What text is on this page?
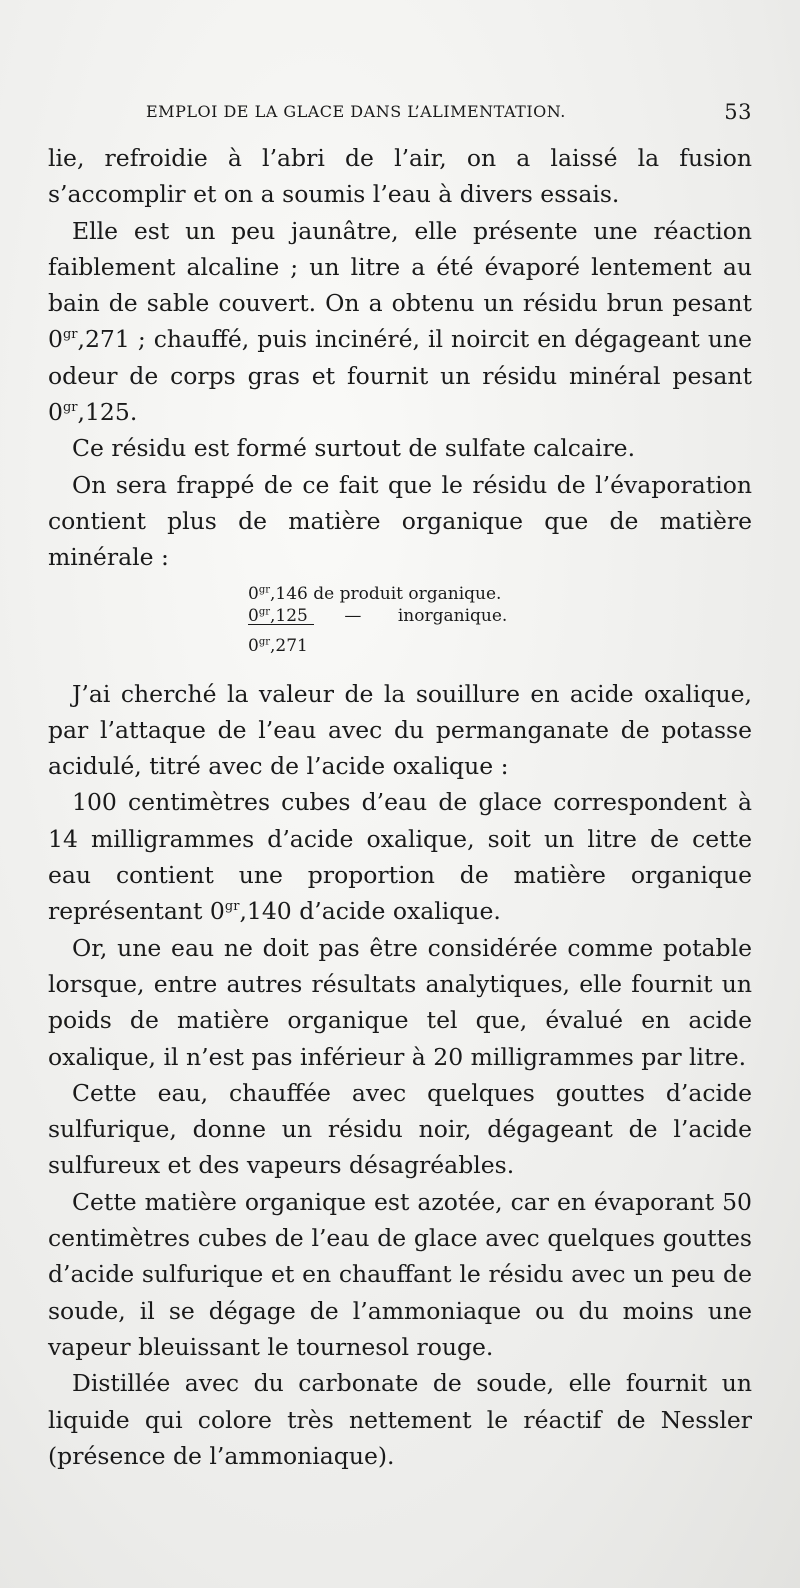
EMPLOI DE LA GLACE DANS L’ALIMENTATION.	53

lie, refroidie à l’abri de l’air, on a laissé la fusion s’accomplir et on a soumis l’eau à divers essais.

Elle est un peu jaunâtre, elle présente une réaction faiblement alcaline ; un litre a été évaporé lentement au bain de sable couvert. On a obtenu un résidu brun pesant $0^{gr},271$ ; chauffé, puis incinéré, il noircit en dégageant une odeur de corps gras et fournit un résidu minéral pesant $0^{gr},125$.

Ce résidu est formé surtout de sulfate calcaire.

On sera frappé de ce fait que le résidu de l’évaporation contient plus de matière organique que de matière minérale :

$0^{gr},146$ de produit organique.
$0^{gr},125$ — inorganique.
$0^{gr},271$

J’ai cherché la valeur de la souillure en acide oxalique, par l’attaque de l’eau avec du permanganate de potasse acidulé, titré avec de l’acide oxalique :

100 centimètres cubes d’eau de glace correspondent à 14 milligrammes d’acide oxalique, soit un litre de cette eau contient une proportion de matière organique représentant $0^{gr},140$ d’acide oxalique.

Or, une eau ne doit pas être considérée comme potable lorsque, entre autres résultats analytiques, elle fournit un poids de matière organique tel que, évalué en acide oxalique, il n’est pas inférieur à 20 milligrammes par litre.

Cette eau, chauffée avec quelques gouttes d’acide sulfurique, donne un résidu noir, dégageant de l’acide sulfureux et des vapeurs désagréables.

Cette matière organique est azotée, car en évaporant 50 centimètres cubes de l’eau de glace avec quelques gouttes d’acide sulfurique et en chauffant le résidu avec un peu de soude, il se dégage de l’ammoniaque ou du moins une vapeur bleuissant le tournesol rouge.

Distillée avec du carbonate de soude, elle fournit un liquide qui colore très nettement le réactif de Nessler (présence de l’ammoniaque).
